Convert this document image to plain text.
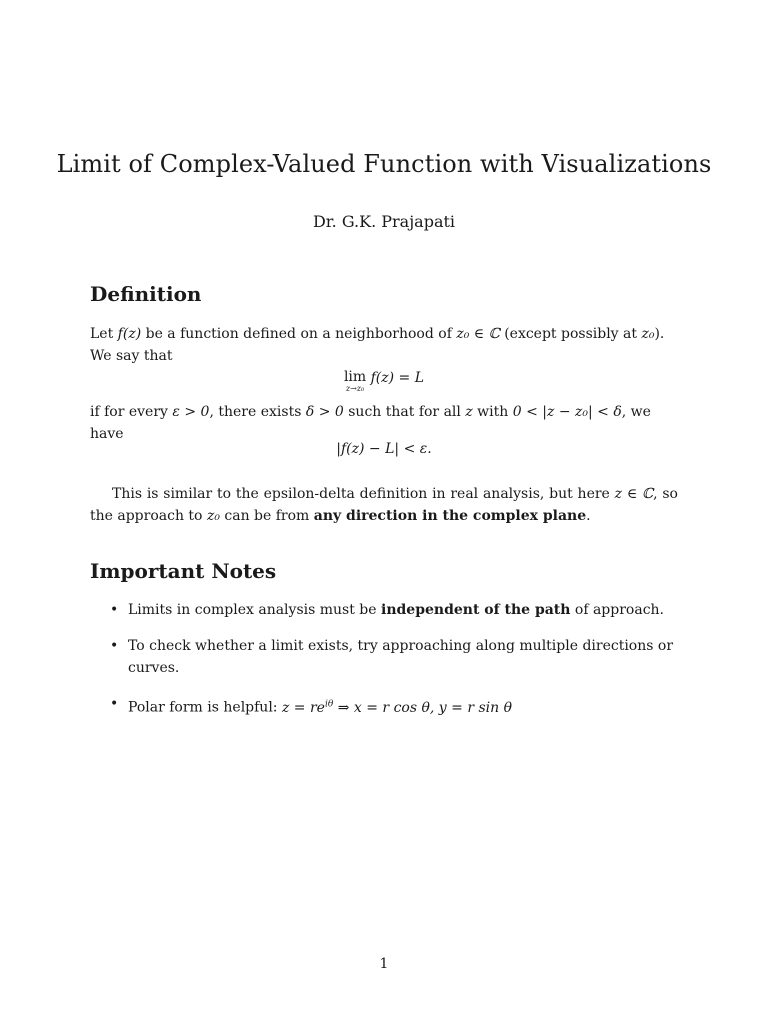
Limit of Complex-Valued Function with Visualizations

Dr. G.K. Prajapati

Definition

Let f(z) be a function defined on a neighborhood of z₀ ∈ ℂ (except possibly at z₀). We say that

lim
z→z₀
f(z) = L

if for every ε > 0, there exists δ > 0 such that for all z with 0 < |z − z₀| < δ, we have

|f(z) − L| < ε.

This is similar to the epsilon-delta definition in real analysis, but here z ∈ ℂ, so the approach to z₀ can be from any direction in the complex plane.

Important Notes
• Limits in complex analysis must be independent of the path of approach.
• To check whether a limit exists, try approaching along multiple directions or curves.
• Polar form is helpful: $z = re^{i\theta}$ ⇒ x = r cos θ, y = r sin θ
1
